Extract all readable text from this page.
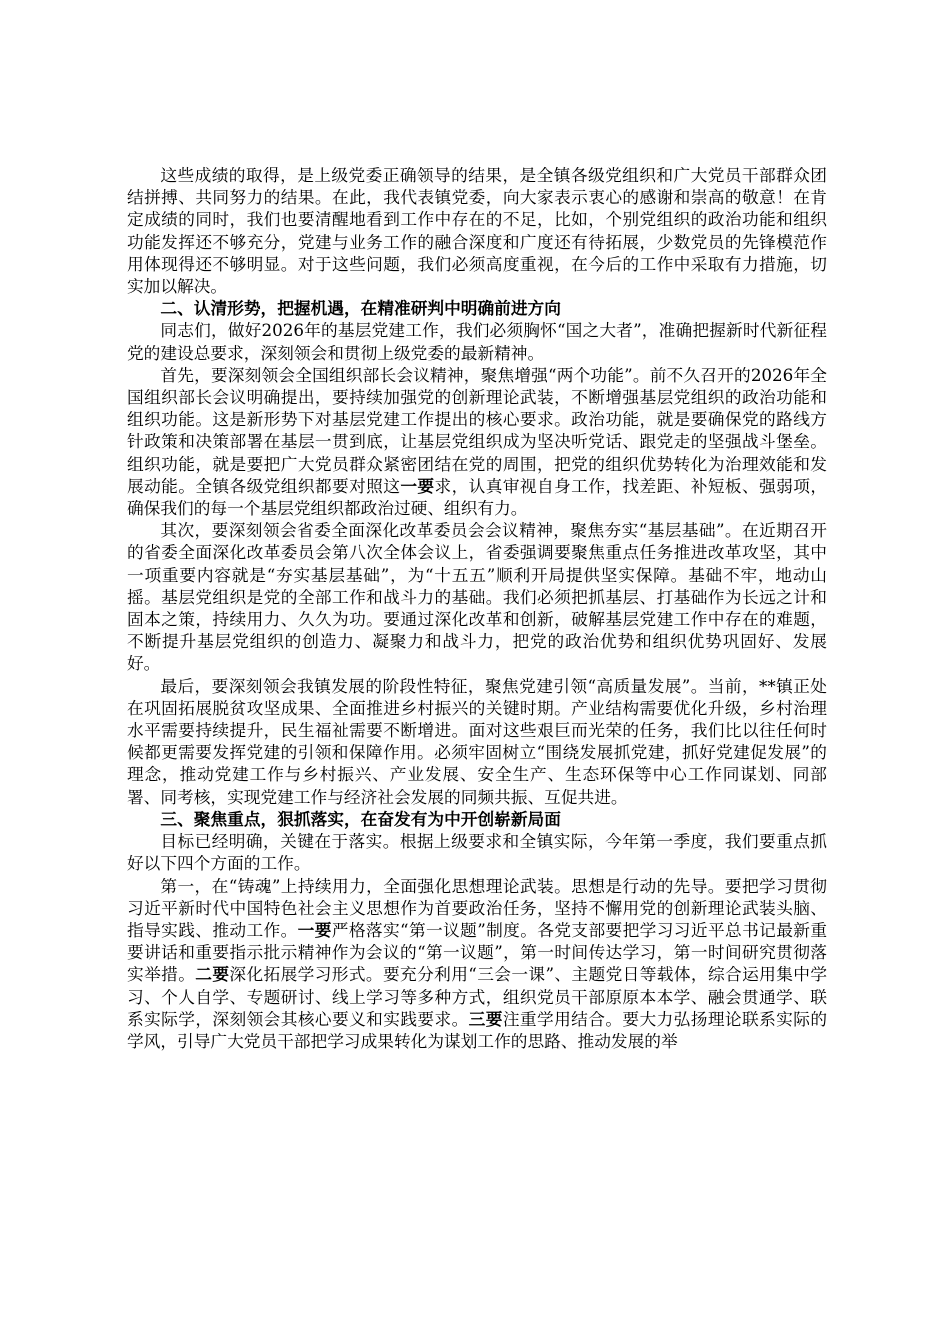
这些成绩的取得，是上级党委正确领导的结果，是全镇各级党组织和广大党员干部群众团结拼搏、共同努力的结果。在此，我代表镇党委，向大家表示衷心的感谢和崇高的敬意！在肯定成绩的同时，我们也要清醒地看到工作中存在的不足，比如，个别党组织的政治功能和组织功能发挥还不够充分，党建与业务工作的融合深度和广度还有待拓展，少数党员的先锋模范作用体现得还不够明显。对于这些问题，我们必须高度重视，在今后的工作中采取有力措施，切实加以解决。

二、认清形势，把握机遇，在精准研判中明确前进方向

同志们，做好2026年的基层党建工作，我们必须胸怀“国之大者”，准确把握新时代新征程党的建设总要求，深刻领会和贯彻上级党委的最新精神。

首先，要深刻领会全国组织部长会议精神，聚焦增强“两个功能”。前不久召开的2026年全国组织部长会议明确提出，要持续加强党的创新理论武装，不断增强基层党组织的政治功能和组织功能。这是新形势下对基层党建工作提出的核心要求。政治功能，就是要确保党的路线方针政策和决策部署在基层一贯到底，让基层党组织成为坚决听党话、跟党走的坚强战斗堡垒。组织功能，就是要把广大党员群众紧密团结在党的周围，把党的组织优势转化为治理效能和发展动能。全镇各级党组织都要对照这一要求，认真审视自身工作，找差距、补短板、强弱项，确保我们的每一个基层党组织都政治过硬、组织有力。

其次，要深刻领会省委全面深化改革委员会会议精神，聚焦夯实“基层基础”。在近期召开的省委全面深化改革委员会第八次全体会议上，省委强调要聚焦重点任务推进改革攻坚，其中一项重要内容就是“夯实基层基础”，为“十五五”顺利开局提供坚实保障。基础不牢，地动山摇。基层党组织是党的全部工作和战斗力的基础。我们必须把抓基层、打基础作为长远之计和固本之策，持续用力、久久为功。要通过深化改革和创新，破解基层党建工作中存在的难题，不断提升基层党组织的创造力、凝聚力和战斗力，把党的政治优势和组织优势巩固好、发展好。

最后，要深刻领会我镇发展的阶段性特征，聚焦党建引领“高质量发展”。当前，**镇正处在巩固拓展脱贫攻坚成果、全面推进乡村振兴的关键时期。产业结构需要优化升级，乡村治理水平需要持续提升，民生福祉需要不断增进。面对这些艰巨而光荣的任务，我们比以往任何时候都更需要发挥党建的引领和保障作用。必须牢固树立“围绕发展抓党建，抓好党建促发展”的理念，推动党建工作与乡村振兴、产业发展、安全生产、生态环保等中心工作同谋划、同部署、同考核，实现党建工作与经济社会发展的同频共振、互促共进。

三、聚焦重点，狠抓落实，在奋发有为中开创崭新局面

目标已经明确，关键在于落实。根据上级要求和全镇实际，今年第一季度，我们要重点抓好以下四个方面的工作。

第一，在“铸魂”上持续用力，全面强化思想理论武装。思想是行动的先导。要把学习贯彻习近平新时代中国特色社会主义思想作为首要政治任务，坚持不懈用党的创新理论武装头脑、指导实践、推动工作。一要严格落实“第一议题”制度。各党支部要把学习习近平总书记最新重要讲话和重要指示批示精神作为会议的“第一议题”，第一时间传达学习，第一时间研究贯彻落实举措。二要深化拓展学习形式。要充分利用“三会一课”、主题党日等载体，综合运用集中学习、个人自学、专题研讨、线上学习等多种方式，组织党员干部原原本本学、融会贯通学、联系实际学，深刻领会其核心要义和实践要求。三要注重学用结合。要大力弘扬理论联系实际的学风，引导广大党员干部把学习成果转化为谋划工作的思路、推动发展的举
